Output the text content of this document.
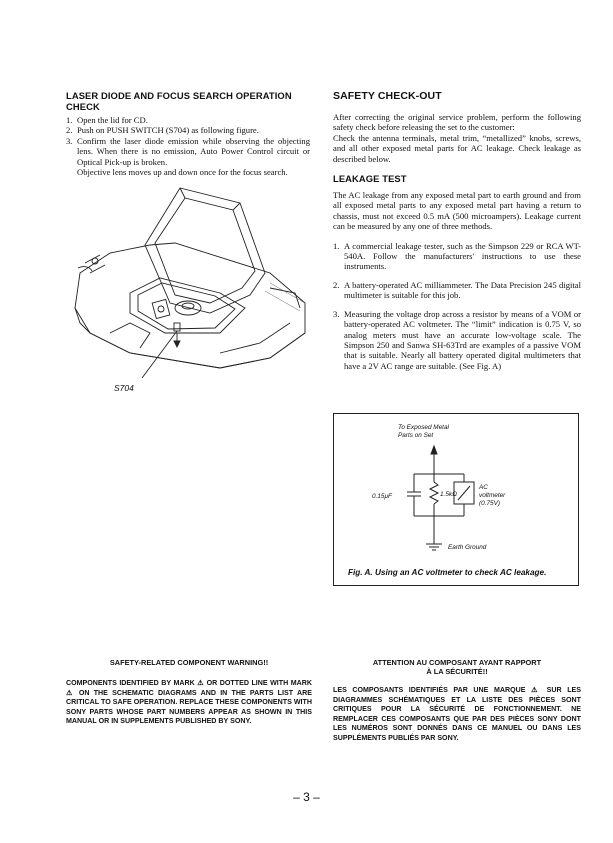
LASER DIODE AND FOCUS SEARCH OPERATION CHECK
1. Open the lid for CD.
2. Push on PUSH SWITCH (S704) as following figure.
3. Confirm the laser diode emission while observing the objecting lens. When there is no emission, Auto Power Control circuit or Optical Pick-up is broken.
Objective lens moves up and down once for the focus search.
S704
SAFETY CHECK-OUT
After correcting the original service problem, perform the following safety check before releasing the set to the customer:
Check the antenna terminals, metal trim, “metallized” knobs, screws, and all other exposed metal parts for AC leakage. Check leakage as described below.
LEAKAGE TEST
The AC leakage from any exposed metal part to earth ground and from all exposed metal parts to any exposed metal part having a return to chassis, must not exceed 0.5 mA (500 microampers). Leakage current can be measured by any one of three methods.
1. A commercial leakage tester, such as the Simpson 229 or RCA WT-540A. Follow the manufacturers' instructions to use these instruments.
2. A battery-operated AC milliammeter. The Data Precision 245 digital multimeter is suitable for this job.
3. Measuring the voltage drop across a resistor by means of a VOM or battery-operated AC voltmeter. The “limit” indication is 0.75 V, so analog meters must have an accurate low-voltage scale. The Simpson 250 and Sanwa SH-63Trd are examples of a passive VOM that is suitable. Nearly all battery operated digital multimeters that have a 2V AC range are suitable. (See Fig. A)
To Exposed Metal
Parts on Set
0.15μF	1.5kΩ
AC
voltmeter
(0.75V)
Earth Ground
Fig. A. Using an AC voltmeter to check AC leakage.
SAFETY-RELATED COMPONENT WARNING!!
COMPONENTS IDENTIFIED BY MARK ⚠ OR DOTTED LINE WITH MARK ⚠ ON THE SCHEMATIC DIAGRAMS AND IN THE PARTS LIST ARE CRITICAL TO SAFE OPERATION. REPLACE THESE COMPONENTS WITH SONY PARTS WHOSE PART NUMBERS APPEAR AS SHOWN IN THIS MANUAL OR IN SUPPLEMENTS PUBLISHED BY SONY.
ATTENTION AU COMPOSANT AYANT RAPPORT
À LA SÉCURITÉ!!
LES COMPOSANTS IDENTIFIÉS PAR UNE MARQUE ⚠ SUR LES DIAGRAMMES SCHÉMATIQUES ET LA LISTE DES PIÈCES SONT CRITIQUES POUR LA SÉCURITÉ DE FONCTIONNEMENT. NE REMPLACER CES COMPOSANTS QUE PAR DES PIÈCES SONY DONT LES NUMÉROS SONT DONNÉS DANS CE MANUEL OU DANS LES SUPPLÉMENTS PUBLIÉS PAR SONY.
– 3 –
